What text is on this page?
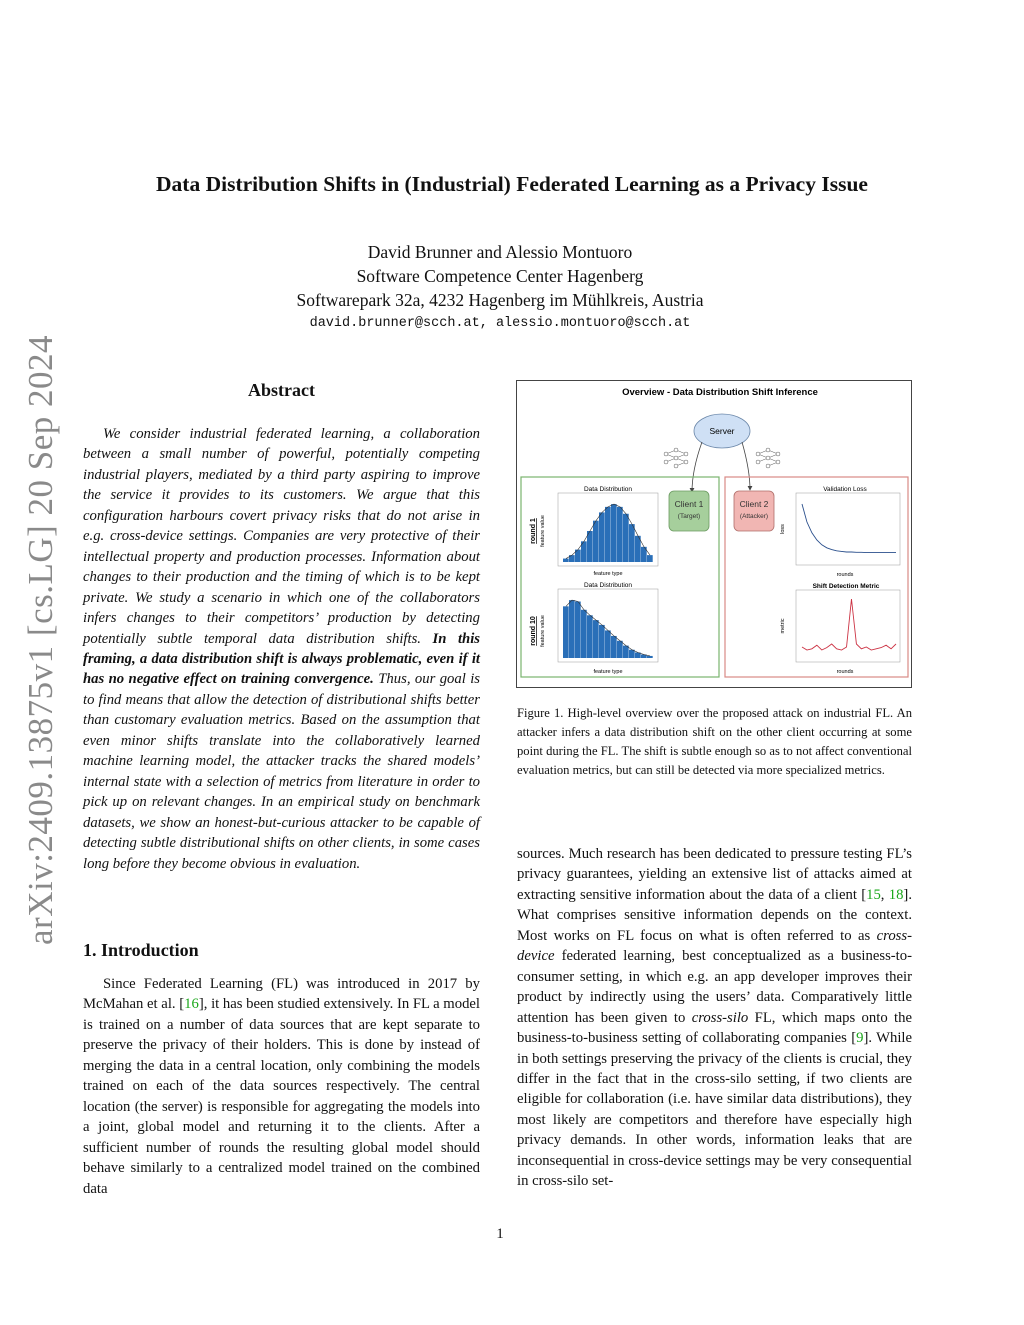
arXiv:2409.13875v1 [cs.LG] 20 Sep 2024
Data Distribution Shifts in (Industrial) Federated Learning as a Privacy Issue
David Brunner and Alessio Montuoro
Software Competence Center Hagenberg
Softwarepark 32a, 4232 Hagenberg im Mühlkreis, Austria
david.brunner@scch.at, alessio.montuoro@scch.at
Abstract

We consider industrial federated learning, a collaboration between a small number of powerful, potentially competing industrial players, mediated by a third party aspiring to improve the service it provides to its customers. We argue that this configuration harbours covert privacy risks that do not arise in e.g. cross-device settings. Companies are very protective of their intellectual property and production processes. Information about changes to their production and the timing of which is to be kept private. We study a scenario in which one of the collaborators infers changes to their competitors’ production by detecting potentially subtle temporal data distribution shifts. In this framing, a data distribution shift is always problematic, even if it has no negative effect on training convergence. Thus, our goal is to find means that allow the detection of distributional shifts better than customary evaluation metrics. Based on the assumption that even minor shifts translate into the collaboratively learned machine learning model, the attacker tracks the shared models’ internal state with a selection of metrics from literature in order to pick up on relevant changes. In an empirical study on benchmark datasets, we show an honest-but-curious attacker to be capable of detecting subtle distributional shifts on other clients, in some cases long before they become obvious in evaluation.

1. Introduction

Since Federated Learning (FL) was introduced in 2017 by McMahan et al. [16], it has been studied extensively. In FL a model is trained on a number of data sources that are kept separate to preserve the privacy of their holders. This is done by instead of merging the data in a central location, only combining the models trained on each of the data sources respectively. The central location (the server) is responsible for aggregating the models into a joint, global model and returning it to the clients. After a sufficient number of rounds the resulting global model should behave similarly to a centralized model trained on the combined data

Overview - Data Distribution Shift Inference
Server
Client 1
(Target)
Client 2
(Attacker)
round 1
round 10
Data Distribution
feature value
feature type
Data Distribution
feature value
feature type
Validation Loss
loss
rounds
Shift Detection Metric
metric
rounds
Figure 1. High-level overview over the proposed attack on industrial FL. An attacker infers a data distribution shift on the other client occurring at some point during the FL. The shift is subtle enough so as to not affect conventional evaluation metrics, but can still be detected via more specialized metrics.

sources. Much research has been dedicated to pressure testing FL’s privacy guarantees, yielding an extensive list of attacks aimed at extracting sensitive information about the data of a client [15, 18]. What comprises sensitive information depends on the context. Most works on FL focus on what is often referred to as cross-device federated learning, best conceptualized as a business-to-consumer setting, in which e.g. an app developer improves their product by indirectly using the users’ data. Comparatively little attention has been given to cross-silo FL, which maps onto the business-to-business setting of collaborating companies [9]. While in both settings preserving the privacy of the clients is crucial, they differ in the fact that in the cross-silo setting, if two clients are eligible for collaboration (i.e. have similar data distributions), they most likely are competitors and therefore have especially high privacy demands. In other words, information leaks that are inconsequential in cross-device settings may be very consequential in cross-silo set-

1
